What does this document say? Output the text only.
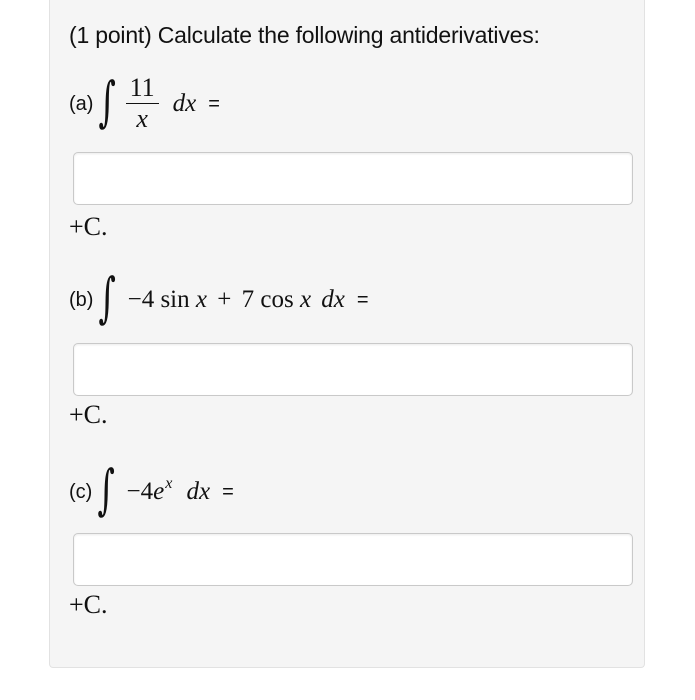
(1 point) Calculate the following antiderivatives:
(a) ∫ $\frac{11}{x}$ dx =
+C.
(b) ∫ −4 sin x + 7 cos x dx =
+C.
(c) ∫ $-4e^x$ dx =
+C.
